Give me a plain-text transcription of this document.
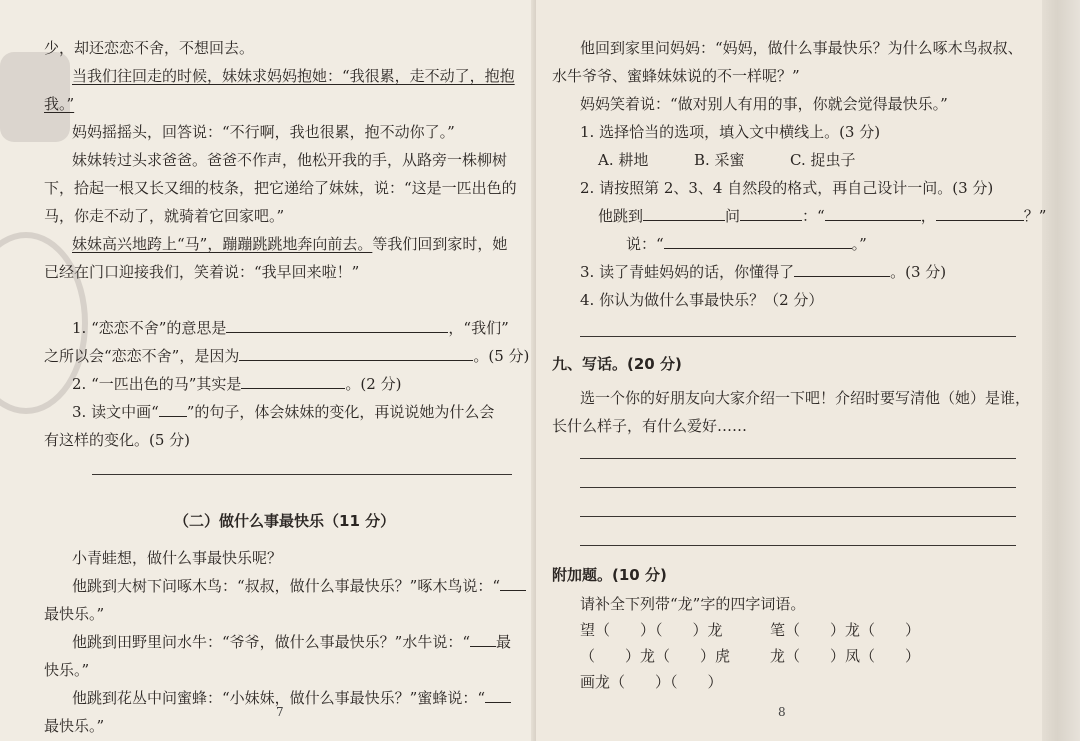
少，却还恋恋不舍，不想回去。
当我们往回走的时候，妹妹求妈妈抱她：“我很累，走不动了，抱抱
我。”
妈妈摇摇头，回答说：“不行啊，我也很累，抱不动你了。”
妹妹转过头求爸爸。爸爸不作声，他松开我的手，从路旁一株柳树
下，拾起一根又长又细的枝条，把它递给了妹妹，说：“这是一匹出色的
马，你走不动了，就骑着它回家吧。”
妹妹高兴地跨上“马”，蹦蹦跳跳地奔向前去。等我们回到家时，她
已经在门口迎接我们，笑着说：“我早回来啦！”
1. “恋恋不舍”的意思是	，“我们”
之所以会“恋恋不舍”，是因为	。(5 分)
2. “一匹出色的马”其实是	。(2 分)
3. 读文中画“ ”的句子，体会妹妹的变化，再说说她为什么会
有这样的变化。(5 分)
（二）做什么事最快乐（11 分）
小青蛙想，做什么事最快乐呢？
他跳到大树下问啄木鸟：“叔叔，做什么事最快乐？”啄木鸟说：“
最快乐。”
他跳到田野里问水牛：“爷爷，做什么事最快乐？”水牛说：“ 最
快乐。”
他跳到花丛中问蜜蜂：“小妹妹，做什么事最快乐？”蜜蜂说：“
最快乐。”
7
他回到家里问妈妈：“妈妈，做什么事最快乐？为什么啄木鸟叔叔、
水牛爷爷、蜜蜂妹妹说的不一样呢？”
妈妈笑着说：“做对别人有用的事，你就会觉得最快乐。”
1. 选择恰当的选项，填入文中横线上。(3 分)
A. 耕地	B. 采蜜	C. 捉虫子
2. 请按照第 2、3、4 自然段的格式，再自己设计一问。(3 分)
他跳到	问	：“	，	？”
说：“	。”
3. 读了青蛙妈妈的话，你懂得了	。(3 分)
4. 你认为做什么事最快乐？（2 分）
九、写话。(20 分)
选一个你的好朋友向大家介绍一下吧！介绍时要写清他（她）是谁，
长什么样子，有什么爱好……
附加题。(10 分)
请补全下列带“龙”字的四字词语。
望（　　）（　　）龙	笔（　　）龙（　　）
（　　）龙（　　）虎	龙（　　）凤（　　）
画龙（　　）（　　）
8
